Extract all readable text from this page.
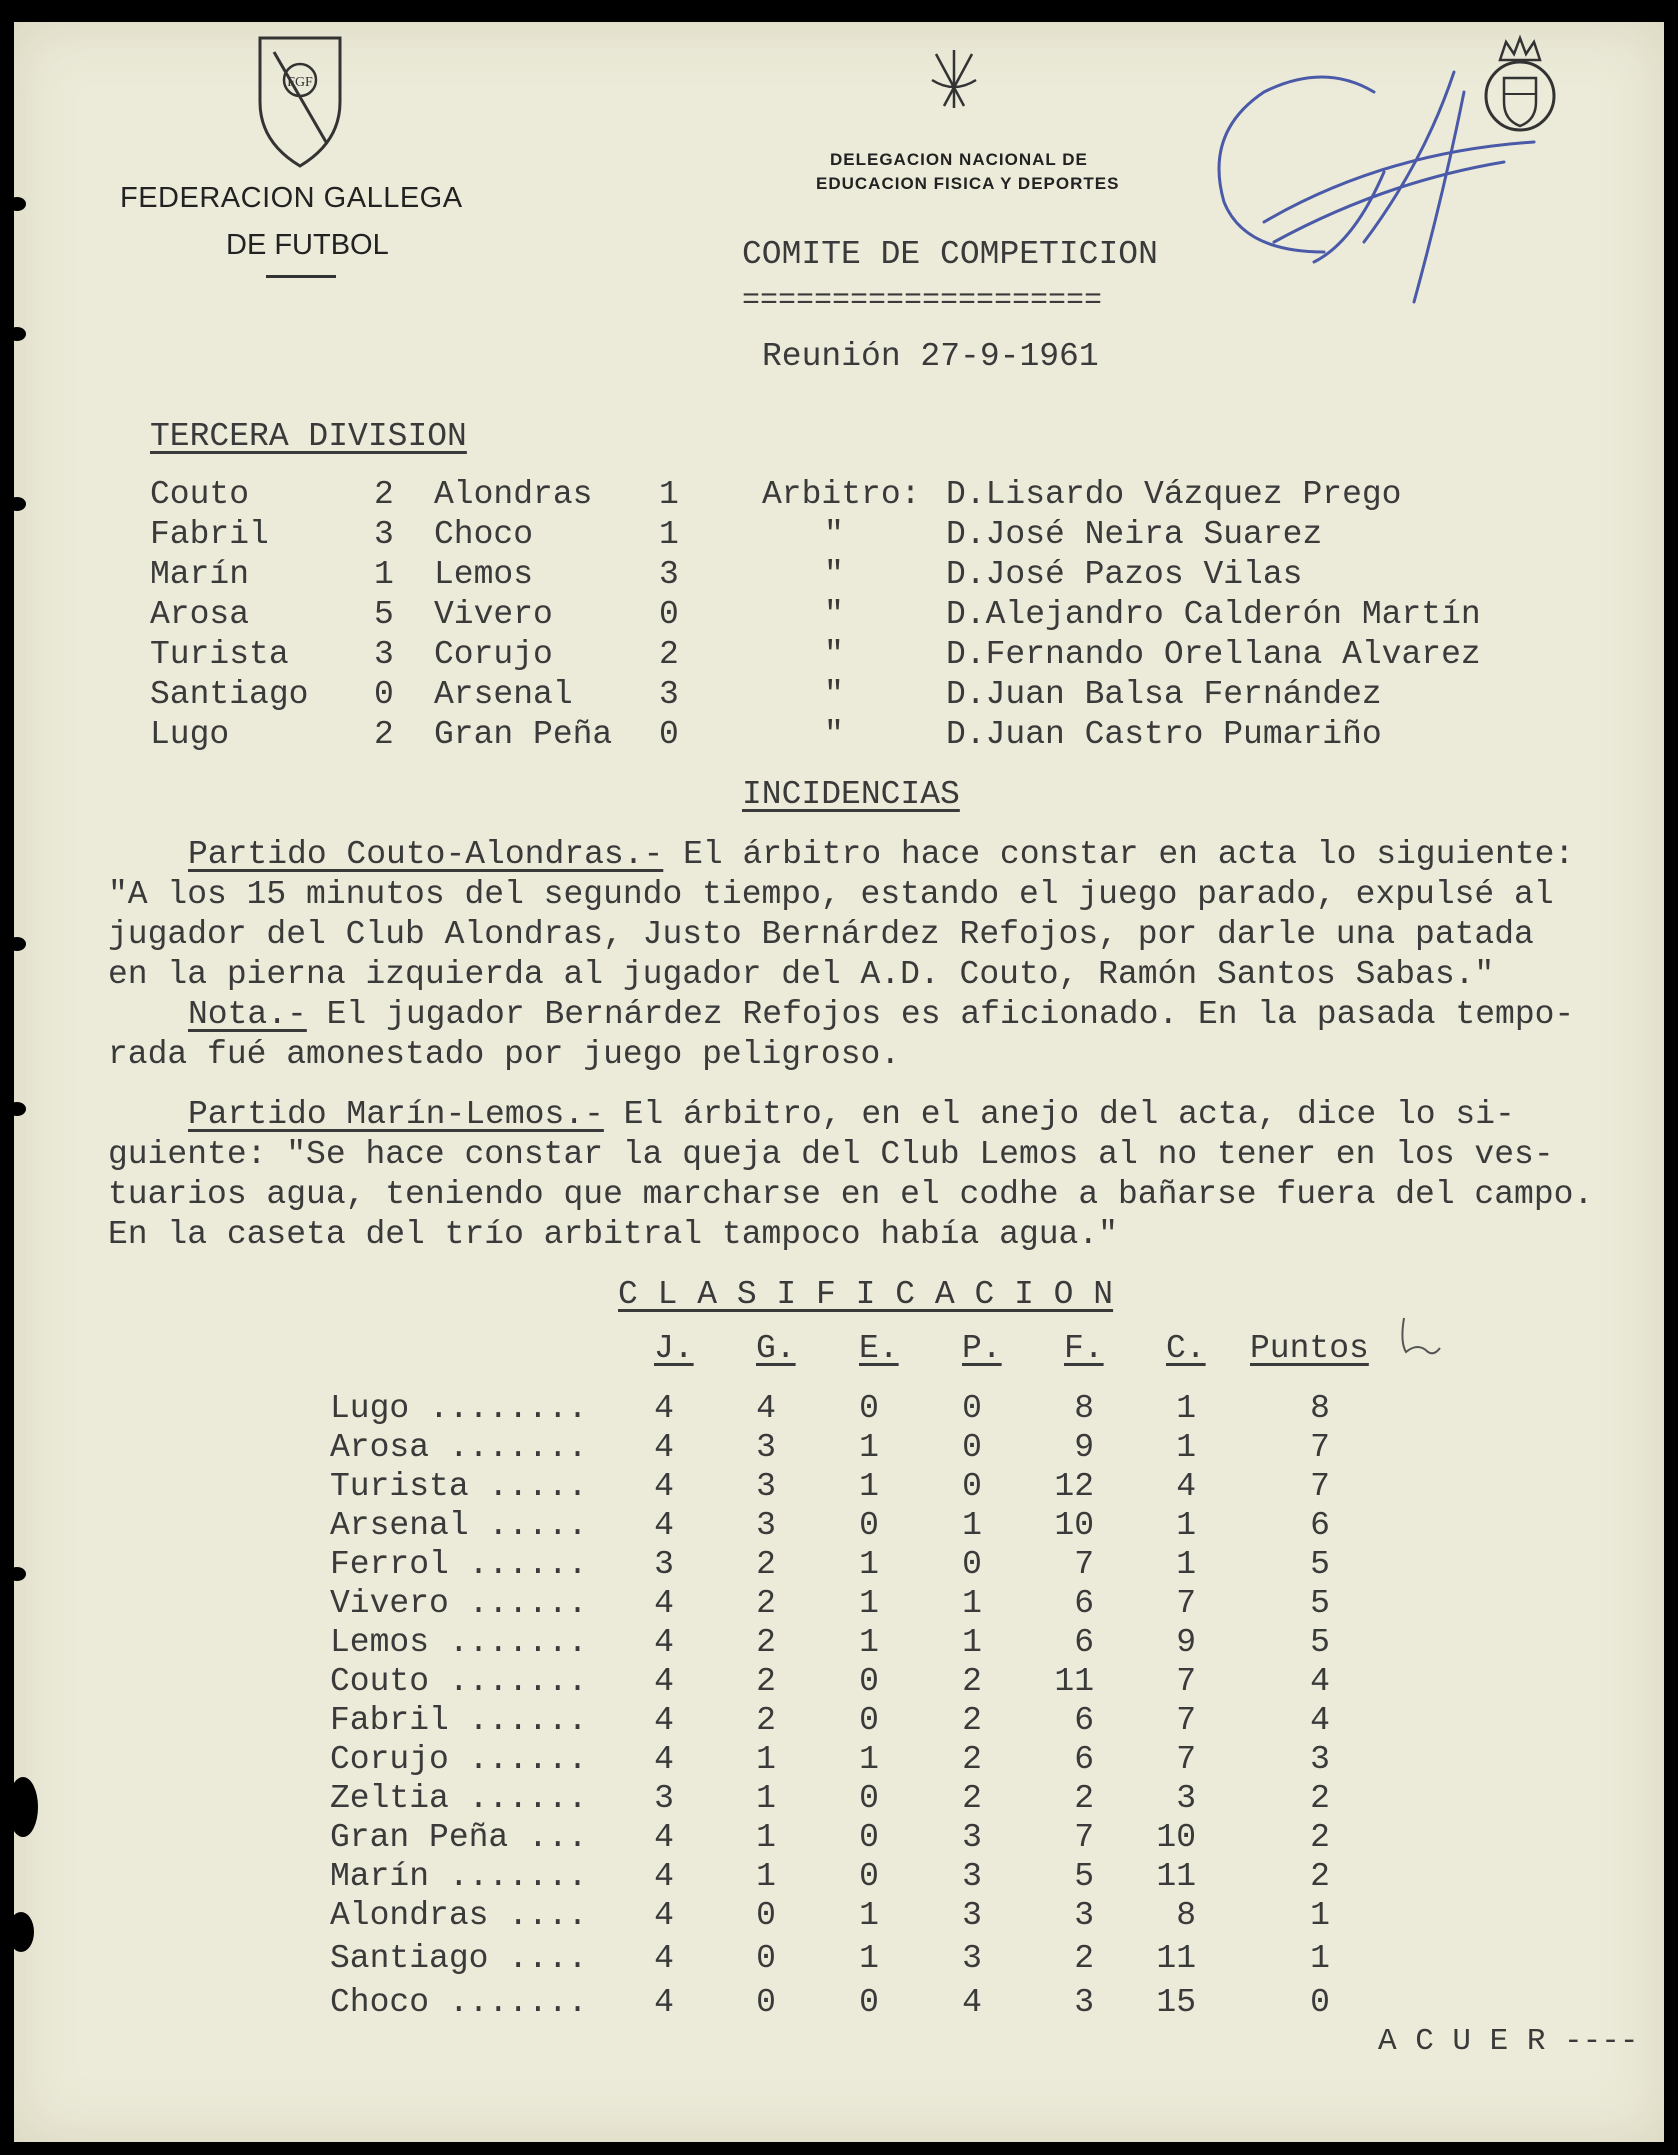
FGF
FEDERACION GALLEGA
DE FUTBOL
DELEGACION NACIONAL DE
EDUCACION FISICA Y DEPORTES
COMITE DE COMPETICION
====================
Reunión 27-9-1961
TERCERA DIVISION
Couto	2 Alondras 1	Arbitro: D.Lisardo Vázquez Prego
Fabril	3 Choco	1	"	D.José Neira Suarez
Marín	1 Lemos	3	"	D.José Pazos Vilas
Arosa	5 Vivero	0	"	D.Alejandro Calderón Martín
Turista	3 Corujo	2	"	D.Fernando Orellana Alvarez
Santiago 0 Arsenal	3	"	D.Juan Balsa Fernández
Lugo	2 Gran Peña 0	"	D.Juan Castro Pumariño
INCIDENCIAS
Partido Couto-Alondras.- El árbitro hace constar en acta lo siguiente:
"A los 15 minutos del segundo tiempo, estando el juego parado, expulsé al
jugador del Club Alondras, Justo Bernárdez Refojos, por darle una patada
en la pierna izquierda al jugador del A.D. Couto, Ramón Santos Sabas."
Nota.- El jugador Bernárdez Refojos es aficionado. En la pasada tempo-
rada fué amonestado por juego peligroso.
Partido Marín-Lemos.- El árbitro, en el anejo del acta, dice lo si-
guiente: "Se hace constar la queja del Club Lemos al no tener en los ves-
tuarios agua, teniendo que marcharse en el codhe a bañarse fuera del campo.
En la caseta del trío arbitral tampoco había agua."
C L A S I F I C A C I O N
J. G. E. P. F. C. Puntos
Lugo ........	4	4	0	0	8	1	8
Arosa .......	4	3	1	0	9	1	7
Turista .....	4	3	1	0	12	4	7
Arsenal .....	4	3	0	1	10	1	6
Ferrol ......	3	2	1	0	7	1	5
Vivero ......	4	2	1	1	6	7	5
Lemos .......	4	2	1	1	6	9	5
Couto .......	4	2	0	2	11	7	4
Fabril ......	4	2	0	2	6	7	4
Corujo ......	4	1	1	2	6	7	3
Zeltia ......	3	1	0	2	2	3	2
Gran Peña ...	4	1	0	3	7	10	2
Marín .......	4	1	0	3	5	11	2
Alondras ....	4	0	1	3	3	8	1
Santiago ....	4	0	1	3	2	11	1
Choco .......	4	0	0	4	3	15	0
A C U E R ----
